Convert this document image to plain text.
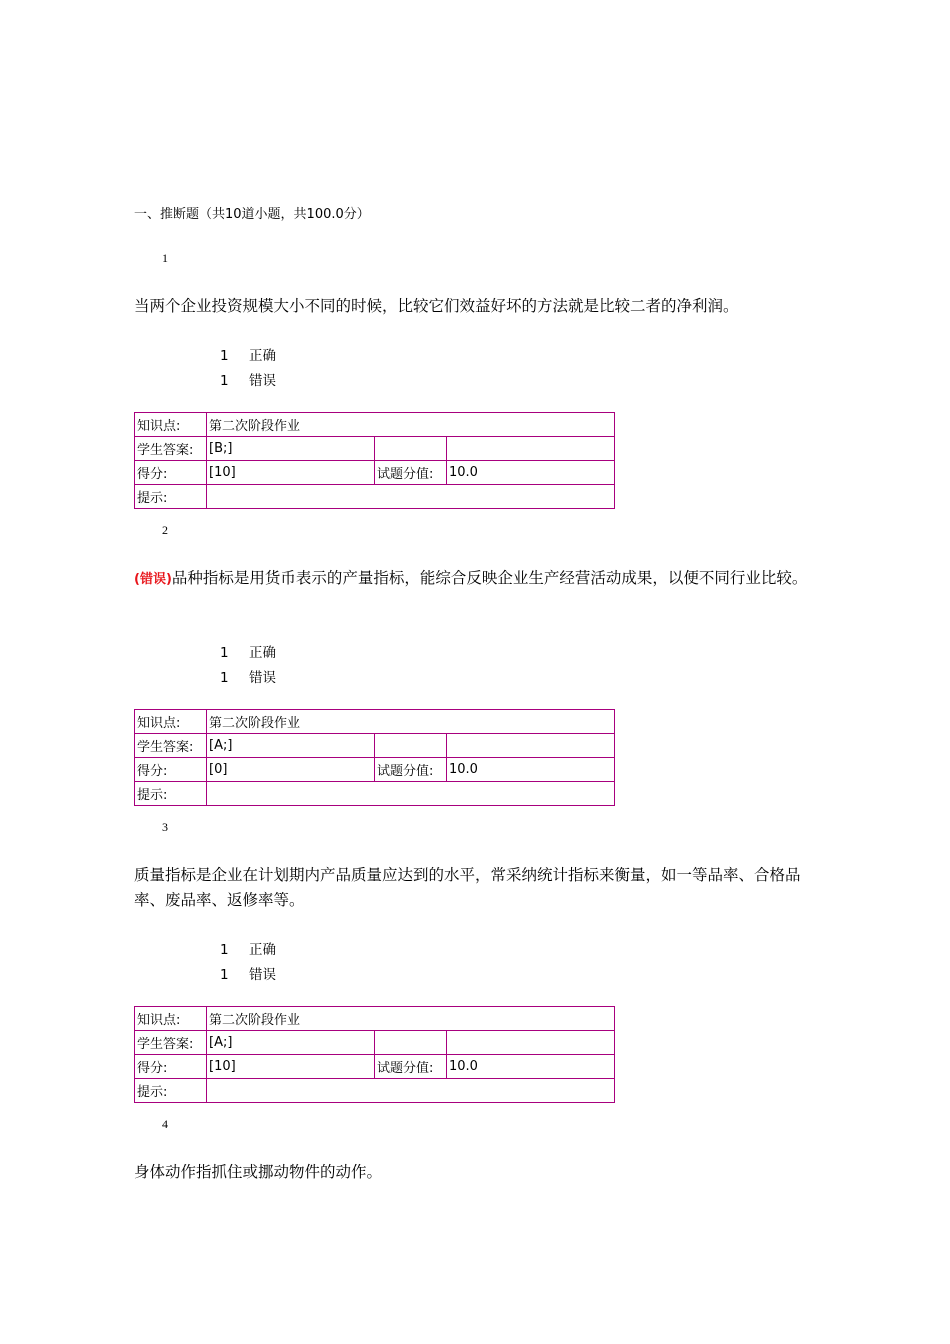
一、推断题（共10道小题，共100.0分）
1
当两个企业投资规模大小不同的时候，比较它们效益好坏的方法就是比较二者的净利润。
1 正确
1 错误
知识点:	第二次阶段作业		
学生答案:	[B;]		
得分:	[10]	试题分值:	10.0
提示:			
2
(错误)品种指标是用货币表示的产量指标，能综合反映企业生产经营活动成果，以便不同行业比较。
1 正确
1 错误
知识点:	第二次阶段作业		
学生答案:	[A;]		
得分:	[0]	试题分值:	10.0
提示:			
3
质量指标是企业在计划期内产品质量应达到的水平，常采纳统计指标来衡量，如一等品率、合格品率、废品率、返修率等。
1 正确
1 错误
知识点:	第二次阶段作业		
学生答案:	[A;]		
得分:	[10]	试题分值:	10.0
提示:			
4
身体动作指抓住或挪动物件的动作。
